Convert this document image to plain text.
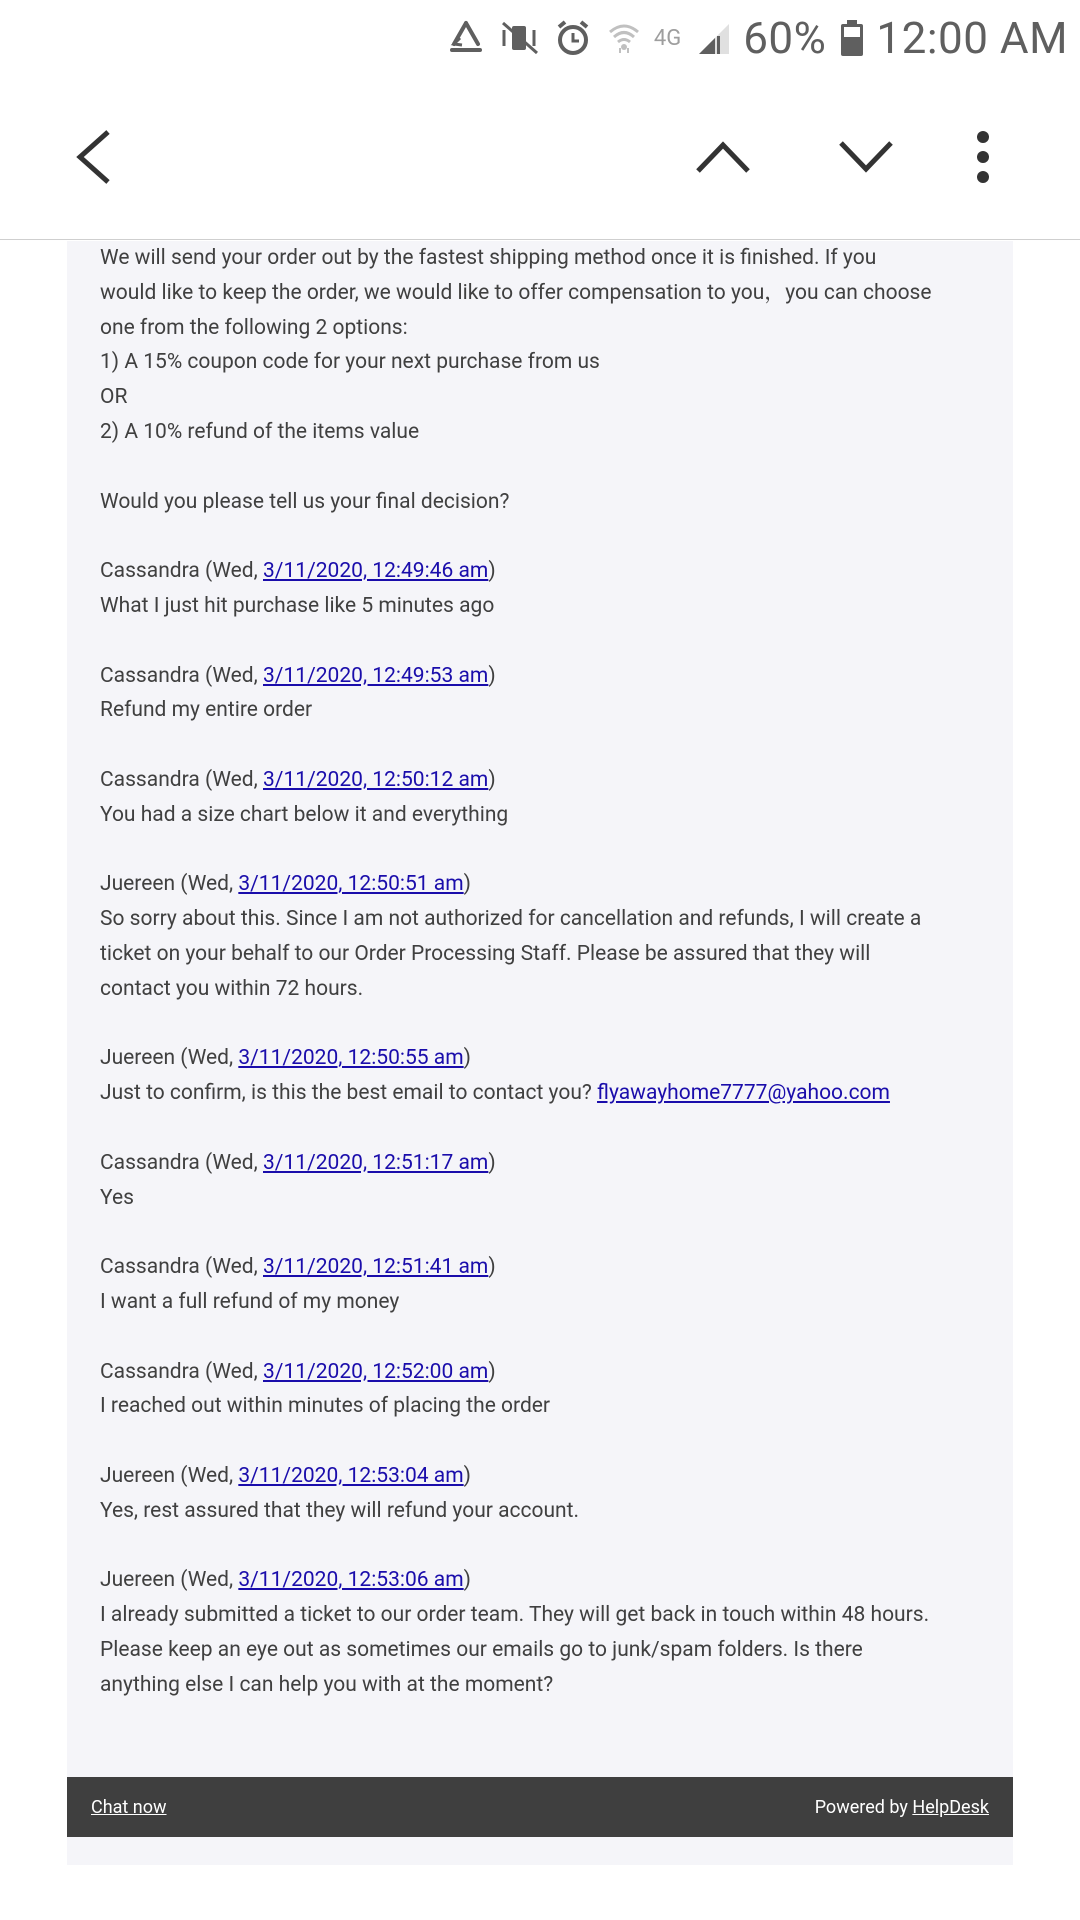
4G 60% 12:00 AM
We will send your order out by the fastest shipping method once it is finished. If you
would like to keep the order, we would like to offer compensation to you，you can choose
one from the following 2 options:
1) A 15% coupon code for your next purchase from us
OR
2) A 10% refund of the items value
Would you please tell us your final decision?
Cassandra (Wed, 3/11/2020, 12:49:46 am)
What I just hit purchase like 5 minutes ago
Cassandra (Wed, 3/11/2020, 12:49:53 am)
Refund my entire order
Cassandra (Wed, 3/11/2020, 12:50:12 am)
You had a size chart below it and everything
Juereen (Wed, 3/11/2020, 12:50:51 am)
So sorry about this. Since I am not authorized for cancellation and refunds, I will create a
ticket on your behalf to our Order Processing Staff. Please be assured that they will
contact you within 72 hours.
Juereen (Wed, 3/11/2020, 12:50:55 am)
Just to confirm, is this the best email to contact you? flyawayhome7777@yahoo.com
Cassandra (Wed, 3/11/2020, 12:51:17 am)
Yes
Cassandra (Wed, 3/11/2020, 12:51:41 am)
I want a full refund of my money
Cassandra (Wed, 3/11/2020, 12:52:00 am)
I reached out within minutes of placing the order
Juereen (Wed, 3/11/2020, 12:53:04 am)
Yes, rest assured that they will refund your account.
Juereen (Wed, 3/11/2020, 12:53:06 am)
I already submitted a ticket to our order team. They will get back in touch within 48 hours.
Please keep an eye out as sometimes our emails go to junk/spam folders. Is there
anything else I can help you with at the moment?
Chat now	Powered by HelpDesk
